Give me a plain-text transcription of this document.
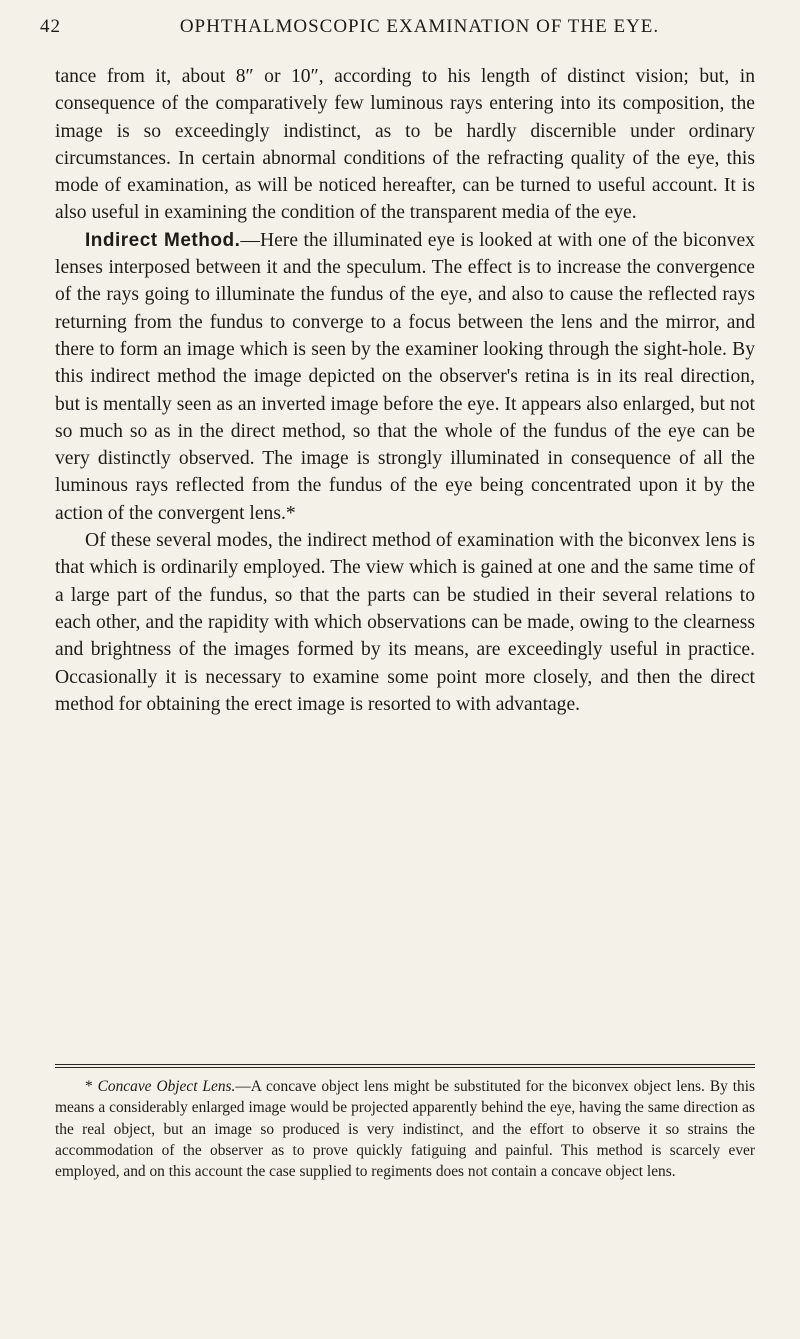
42	OPHTHALMOSCOPIC EXAMINATION OF THE EYE.

tance from it, about 8″ or 10″, according to his length of distinct vision; but, in consequence of the comparatively few luminous rays entering into its composition, the image is so exceedingly indistinct, as to be hardly discernible under ordinary circumstances. In certain abnormal conditions of the refracting quality of the eye, this mode of examination, as will be noticed hereafter, can be turned to useful account. It is also useful in examining the condition of the transparent media of the eye.

Indirect Method.—Here the illuminated eye is looked at with one of the biconvex lenses interposed between it and the speculum. The effect is to increase the convergence of the rays going to illuminate the fundus of the eye, and also to cause the reflected rays returning from the fundus to converge to a focus between the lens and the mirror, and there to form an image which is seen by the examiner looking through the sight-hole. By this indirect method the image depicted on the observer's retina is in its real direction, but is mentally seen as an inverted image before the eye. It appears also enlarged, but not so much so as in the direct method, so that the whole of the fundus of the eye can be very distinctly observed. The image is strongly illuminated in consequence of all the luminous rays reflected from the fundus of the eye being concentrated upon it by the action of the convergent lens.*

Of these several modes, the indirect method of examination with the biconvex lens is that which is ordinarily employed. The view which is gained at one and the same time of a large part of the fundus, so that the parts can be studied in their several relations to each other, and the rapidity with which observations can be made, owing to the clearness and brightness of the images formed by its means, are exceedingly useful in practice. Occasionally it is necessary to examine some point more closely, and then the direct method for obtaining the erect image is resorted to with advantage.

* Concave Object Lens.—A concave object lens might be substituted for the biconvex object lens. By this means a considerably enlarged image would be projected apparently behind the eye, having the same direction as the real object, but an image so produced is very indistinct, and the effort to observe it so strains the accommodation of the observer as to prove quickly fatiguing and painful. This method is scarcely ever employed, and on this account the case supplied to regiments does not contain a concave object lens.
